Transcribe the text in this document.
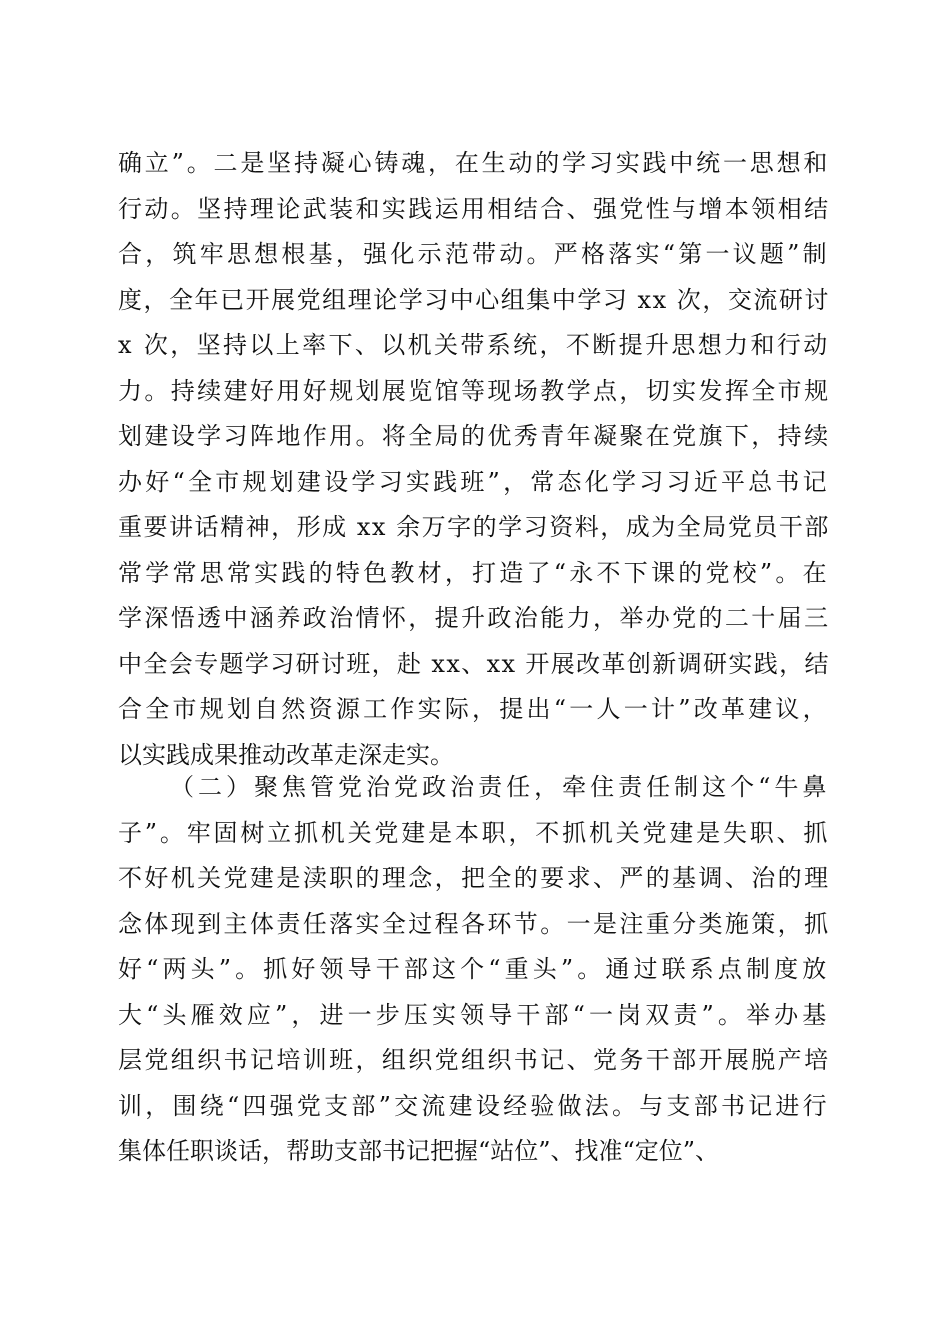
确立”。二是坚持凝心铸魂，在生动的学习实践中统一思想和
行动。坚持理论武装和实践运用相结合、强党性与增本领相结
合，筑牢思想根基，强化示范带动。严格落实“第一议题”制
度，全年已开展党组理论学习中心组集中学习 xx 次，交流研讨
x 次，坚持以上率下、以机关带系统，不断提升思想力和行动
力。持续建好用好规划展览馆等现场教学点，切实发挥全市规
划建设学习阵地作用。将全局的优秀青年凝聚在党旗下，持续
办好“全市规划建设学习实践班”，常态化学习习近平总书记
重要讲话精神，形成 xx 余万字的学习资料，成为全局党员干部
常学常思常实践的特色教材，打造了“永不下课的党校”。在
学深悟透中涵养政治情怀，提升政治能力，举办党的二十届三
中全会专题学习研讨班，赴 xx、xx 开展改革创新调研实践，结
合全市规划自然资源工作实际，提出“一人一计”改革建议，
以实践成果推动改革走深走实。
（二）聚焦管党治党政治责任，牵住责任制这个“牛鼻
子”。牢固树立抓机关党建是本职，不抓机关党建是失职、抓
不好机关党建是渎职的理念，把全的要求、严的基调、治的理
念体现到主体责任落实全过程各环节。一是注重分类施策，抓
好“两头”。抓好领导干部这个“重头”。通过联系点制度放
大“头雁效应”，进一步压实领导干部“一岗双责”。举办基
层党组织书记培训班，组织党组织书记、党务干部开展脱产培
训，围绕“四强党支部”交流建设经验做法。与支部书记进行
集体任职谈话，帮助支部书记把握“站位”、找准“定位”、
